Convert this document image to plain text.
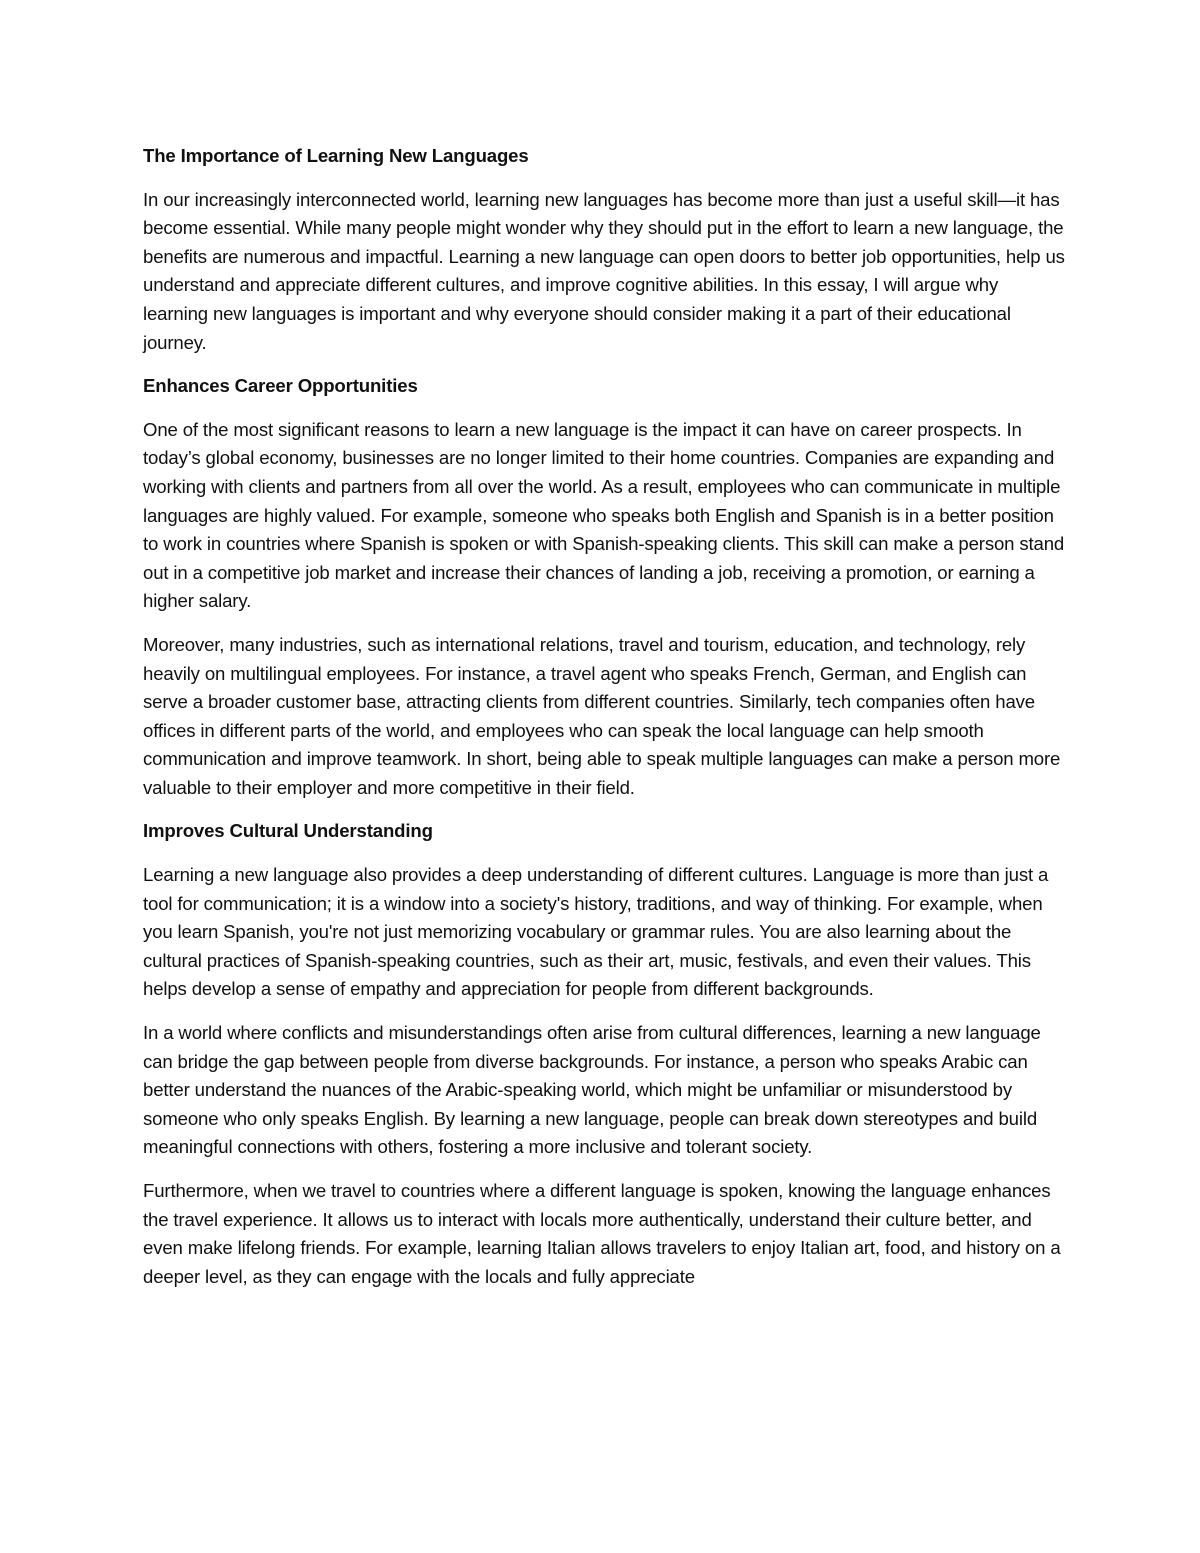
The Importance of Learning New Languages

In our increasingly interconnected world, learning new languages has become more than just a useful skill—it has become essential. While many people might wonder why they should put in the effort to learn a new language, the benefits are numerous and impactful. Learning a new language can open doors to better job opportunities, help us understand and appreciate different cultures, and improve cognitive abilities. In this essay, I will argue why learning new languages is important and why everyone should consider making it a part of their educational journey.

Enhances Career Opportunities

One of the most significant reasons to learn a new language is the impact it can have on career prospects. In today’s global economy, businesses are no longer limited to their home countries. Companies are expanding and working with clients and partners from all over the world. As a result, employees who can communicate in multiple languages are highly valued. For example, someone who speaks both English and Spanish is in a better position to work in countries where Spanish is spoken or with Spanish-speaking clients. This skill can make a person stand out in a competitive job market and increase their chances of landing a job, receiving a promotion, or earning a higher salary.

Moreover, many industries, such as international relations, travel and tourism, education, and technology, rely heavily on multilingual employees. For instance, a travel agent who speaks French, German, and English can serve a broader customer base, attracting clients from different countries. Similarly, tech companies often have offices in different parts of the world, and employees who can speak the local language can help smooth communication and improve teamwork. In short, being able to speak multiple languages can make a person more valuable to their employer and more competitive in their field.

Improves Cultural Understanding

Learning a new language also provides a deep understanding of different cultures. Language is more than just a tool for communication; it is a window into a society's history, traditions, and way of thinking. For example, when you learn Spanish, you're not just memorizing vocabulary or grammar rules. You are also learning about the cultural practices of Spanish-speaking countries, such as their art, music, festivals, and even their values. This helps develop a sense of empathy and appreciation for people from different backgrounds.

In a world where conflicts and misunderstandings often arise from cultural differences, learning a new language can bridge the gap between people from diverse backgrounds. For instance, a person who speaks Arabic can better understand the nuances of the Arabic-speaking world, which might be unfamiliar or misunderstood by someone who only speaks English. By learning a new language, people can break down stereotypes and build meaningful connections with others, fostering a more inclusive and tolerant society.

Furthermore, when we travel to countries where a different language is spoken, knowing the language enhances the travel experience. It allows us to interact with locals more authentically, understand their culture better, and even make lifelong friends. For example, learning Italian allows travelers to enjoy Italian art, food, and history on a deeper level, as they can engage with the locals and fully appreciate
